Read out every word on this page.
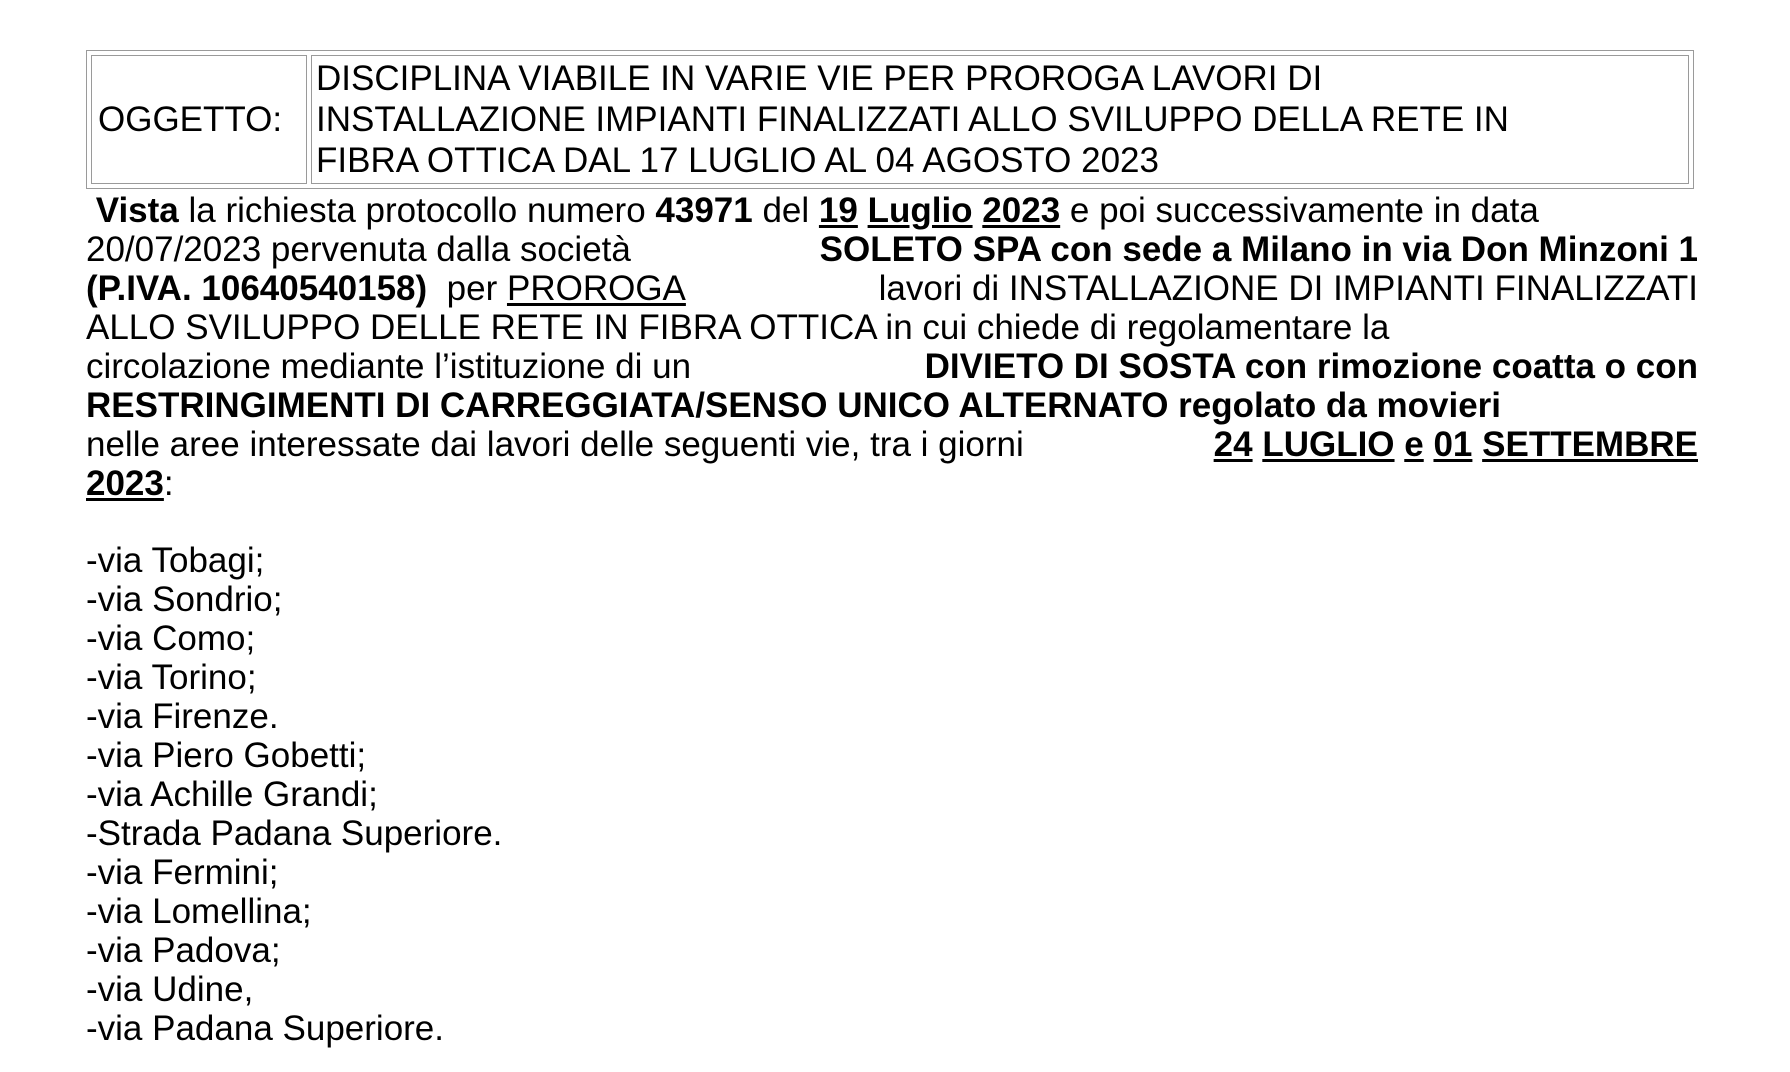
OGGETTO:
DISCIPLINA VIABILE IN VARIE VIE PER PROROGA LAVORI DI
INSTALLAZIONE IMPIANTI FINALIZZATI ALLO SVILUPPO DELLA RETE IN
FIBRA OTTICA DAL 17 LUGLIO AL 04 AGOSTO 2023
Vista la richiesta protocollo numero 43971 del 19 Luglio 2023 e poi successivamente in data
20/07/2023 pervenuta dalla società	SOLETO SPA con sede a Milano in via Don Minzoni 1
(P.IVA. 10640540158) per PROROGA	lavori di INSTALLAZIONE DI IMPIANTI FINALIZZATI
ALLO SVILUPPO DELLE RETE IN FIBRA OTTICA in cui chiede di regolamentare la
circolazione mediante l’istituzione di un	DIVIETO DI SOSTA con rimozione coatta o con
RESTRINGIMENTI DI CARREGGIATA/SENSO UNICO ALTERNATO regolato da movieri
nelle aree interessate dai lavori delle seguenti vie, tra i giorni	24 LUGLIO e 01 SETTEMBRE
2023 :
-via Tobagi;
-via Sondrio;
-via Como;
-via Torino;
-via Firenze.
-via Piero Gobetti;
-via Achille Grandi;
-Strada Padana Superiore.
-via Fermini;
-via Lomellina;
-via Padova;
-via Udine,
-via Padana Superiore.
